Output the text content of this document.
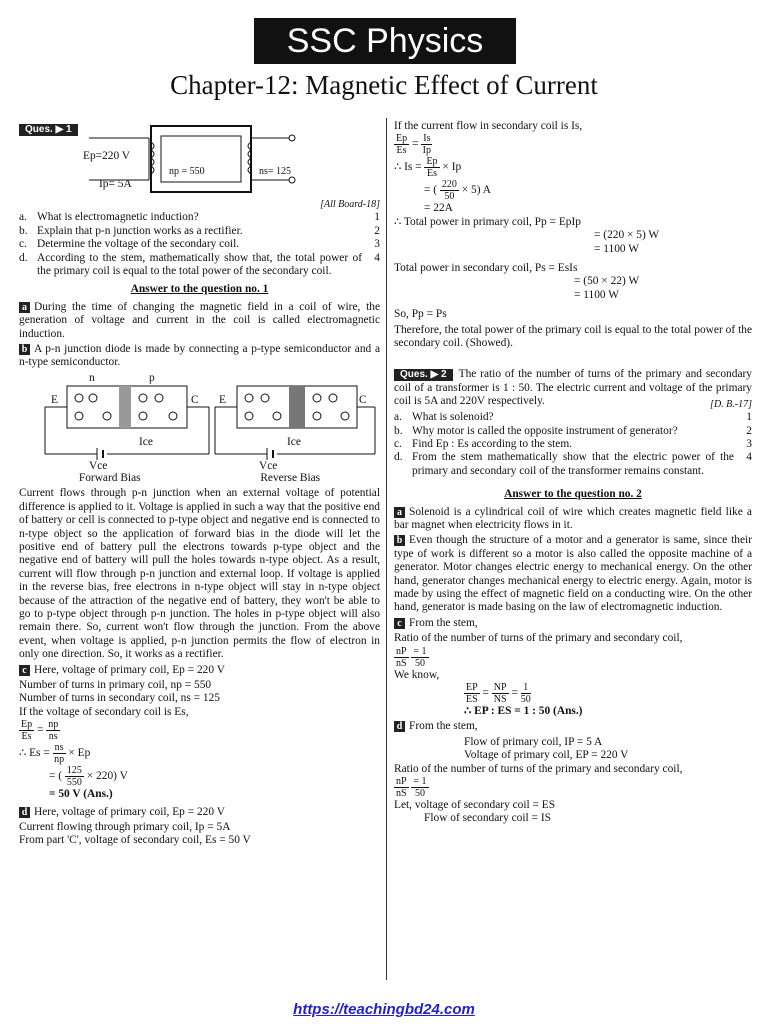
SSC Physics
Chapter-12: Magnetic Effect of Current
Ques. ▶ 1
Ep=220 V
Ip= 5A
np = 550	ns= 125
[All Board-18]
a. What is electromagnetic induction?	1
b. Explain that p-n junction works as a rectifier.	2
c. Determine the voltage of the secondary coil.	3
d. According to the stem, mathematically show that, the total power of the primary coil is equal to the total power of the secondary coil.
4
Answer to the question no. 1
a During the time of changing the magnetic field in a coil of wire, the generation of voltage and current in the coil is called electromagnetic induction.
b A p-n junction diode is made by connecting a p-type semiconductor and a n-type semiconductor.
n	p
E	C
Ice
Vce
E	C
Ice
Vce
Forward Bias	Reverse Bias
Current flows through p-n junction when an external voltage of potential difference is applied to it. Voltage is applied in such a way that the positive end of battery or cell is connected to p-type object and negative end is connected to n-type object so the application of forward bias in the diode will let the positive end of battery pull the electrons towards p-type object and the negative end of battery will pull the holes towards n-type object. As a result, current will flow through p-n junction and external loop. If voltage is applied in the reverse bias, free electrons in n-type object will stay in n-type object because of the attraction of the negative end of battery, they won't be able to go to p-type object through p-n junction. The holes in p-type object will also remain there. So, current won't flow through the junction. From the above event, when voltage is applied, p-n junction permits the flow of electron in only one direction. So, it works as a rectifier.
c Here, voltage of primary coil, Ep = 220 V
Number of turns in primary coil, np = 550
Number of turns in secondary coil, ns = 125
If the voltage of secondary coil is Es,
$\frac{Ep}{Es} = \frac{np}{ns}$
∴ $Es = \frac{ns}{np} \times Ep$
= ( $\frac{125}{550} \times 220$) V
= 50 V (Ans.)
d Here, voltage of primary coil, Ep = 220 V
Current flowing through primary coil, Ip = 5A
From part 'C', voltage of secondary coil, Es = 50 V
If the current flow in secondary coil is Is,
$\frac{Ep}{Es} = \frac{Is}{Ip}$
∴ $Is = \frac{Ep}{Es} \times Ip$
= ( $\frac{220}{50} \times 5$) A
= 22A
∴ Total power in primary coil, Pp = EpIp
= (220 × 5) W
= 1100 W
Total power in secondary coil, Ps = EsIs
= (50 × 22) W
= 1100 W
So, Pp = Ps
Therefore, the total power of the primary coil is equal to the total power of the secondary coil. (Showed).
Ques. ▶ 2 The ratio of the number of turns of the primary and secondary coil of a transformer is 1 : 50. The electric current and voltage of the primary coil is 5A and 220V respectively.	[D. B.-17]
a. What is solenoid?	1
b. Why motor is called the opposite instrument of generator?	2
c. Find Ep : Es according to the stem.	3
d. From the stem mathematically show that the electric power of the primary and secondary coil of the transformer remains constant.
4
Answer to the question no. 2
a Solenoid is a cylindrical coil of wire which creates magnetic field like a bar magnet when electricity flows in it.
b Even though the structure of a motor and a generator is same, since their type of work is different so a motor is also called the opposite machine of a generator. Motor changes electric energy to mechanical energy. On the other hand, generator changes mechanical energy to electric energy. Again, motor is made by using the effect of magnetic field on a conducting wire. On the other hand, generator is made basing on the law of electromagnetic induction.
c From the stem,
Ratio of the number of turns of the primary and secondary coil,
$\frac{nP}{nS}$
$\frac{= 1}{50}$
We know,
$\frac{EP}{ES} = \frac{NP}{NS} = \frac{1}{50}$
∴ EP : ES = 1 : 50 (Ans.)
d From the stem,
Flow of primary coil, IP = 5 A
Voltage of primary coil, EP = 220 V
Ratio of the number of turns of the primary and secondary coil,
$\frac{nP}{nS}$
$\frac{= 1}{50}$
Let, voltage of secondary coil = ES
Flow of secondary coil = IS
https://teachingbd24.com
